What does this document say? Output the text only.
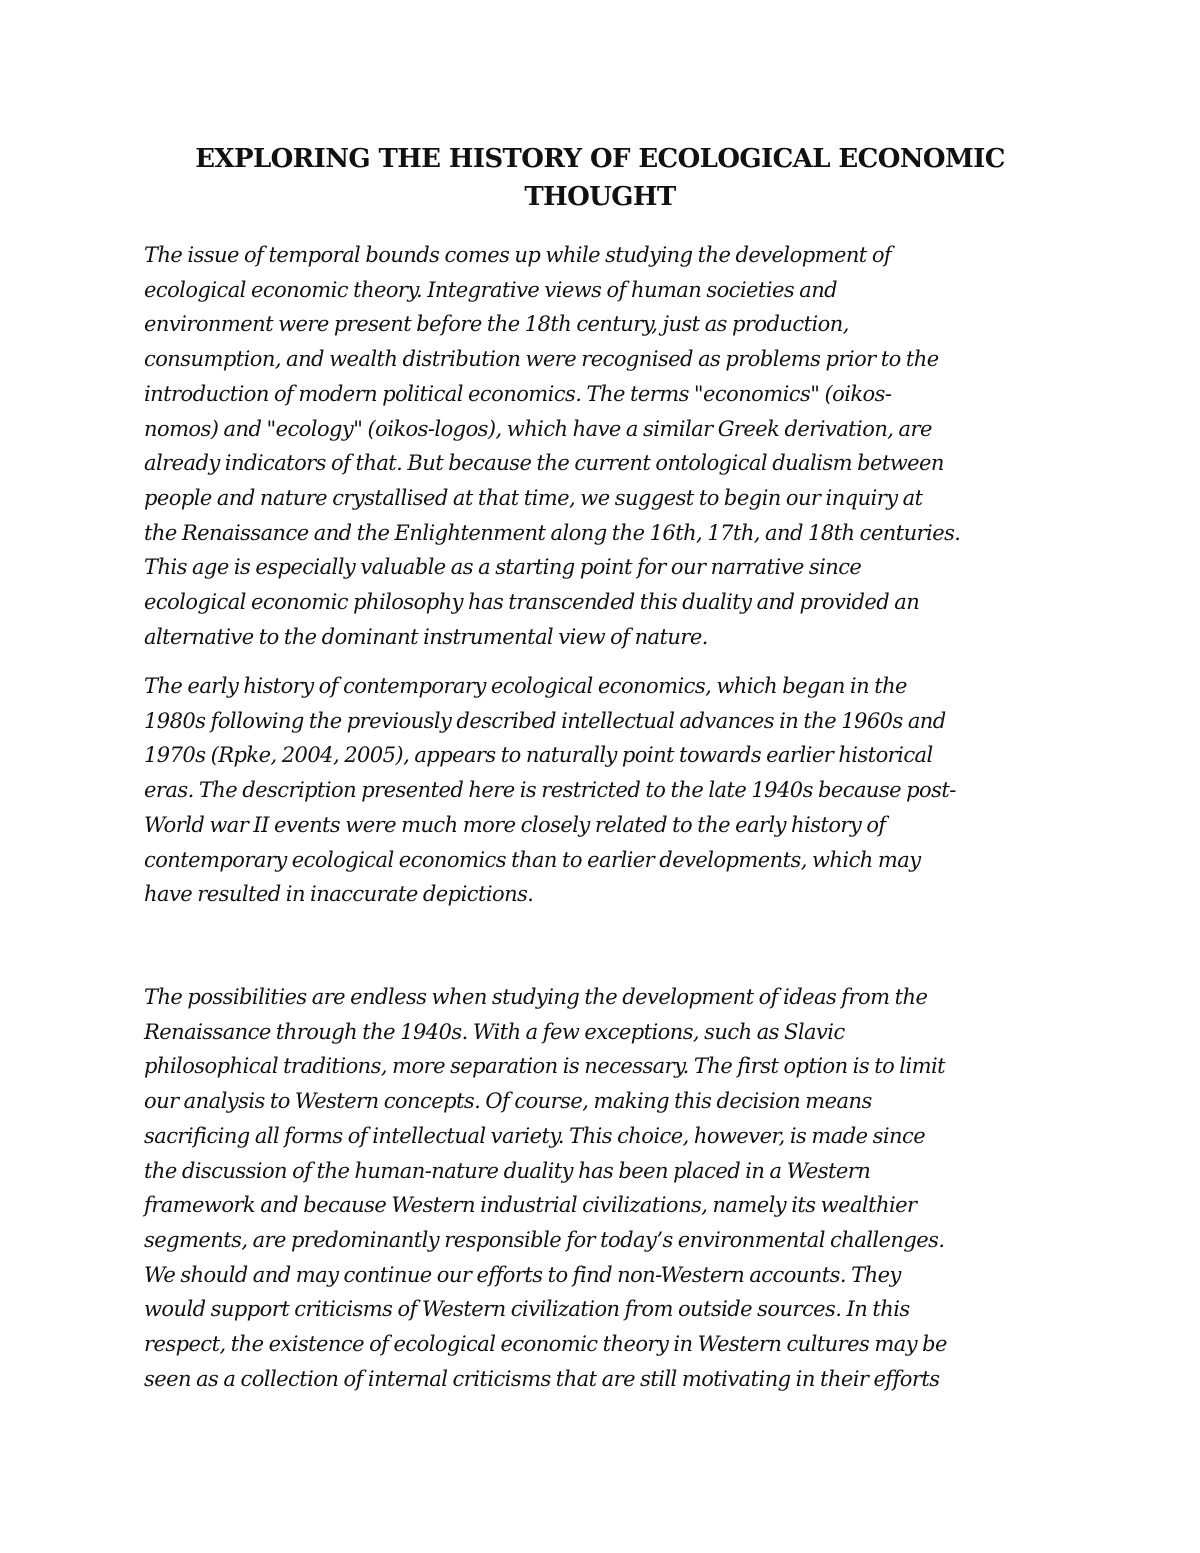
EXPLORING THE HISTORY OF ECOLOGICAL ECONOMIC
THOUGHT
The issue of temporal bounds comes up while studying the development of
ecological economic theory. Integrative views of human societies and
environment were present before the 18th century, just as production,
consumption, and wealth distribution were recognised as problems prior to the
introduction of modern political economics. The terms "economics" (oikos-
nomos) and "ecology" (oikos-logos), which have a similar Greek derivation, are
already indicators of that. But because the current ontological dualism between
people and nature crystallised at that time, we suggest to begin our inquiry at
the Renaissance and the Enlightenment along the 16th, 17th, and 18th centuries.
This age is especially valuable as a starting point for our narrative since
ecological economic philosophy has transcended this duality and provided an
alternative to the dominant instrumental view of nature.
The early history of contemporary ecological economics, which began in the
1980s following the previously described intellectual advances in the 1960s and
1970s (Rpke, 2004, 2005), appears to naturally point towards earlier historical
eras. The description presented here is restricted to the late 1940s because post-
World war II events were much more closely related to the early history of
contemporary ecological economics than to earlier developments, which may
have resulted in inaccurate depictions.
The possibilities are endless when studying the development of ideas from the
Renaissance through the 1940s. With a few exceptions, such as Slavic
philosophical traditions, more separation is necessary. The first option is to limit
our analysis to Western concepts. Of course, making this decision means
sacrificing all forms of intellectual variety. This choice, however, is made since
the discussion of the human-nature duality has been placed in a Western
framework and because Western industrial civilizations, namely its wealthier
segments, are predominantly responsible for today’s environmental challenges.
We should and may continue our efforts to find non-Western accounts. They
would support criticisms of Western civilization from outside sources. In this
respect, the existence of ecological economic theory in Western cultures may be
seen as a collection of internal criticisms that are still motivating in their efforts
